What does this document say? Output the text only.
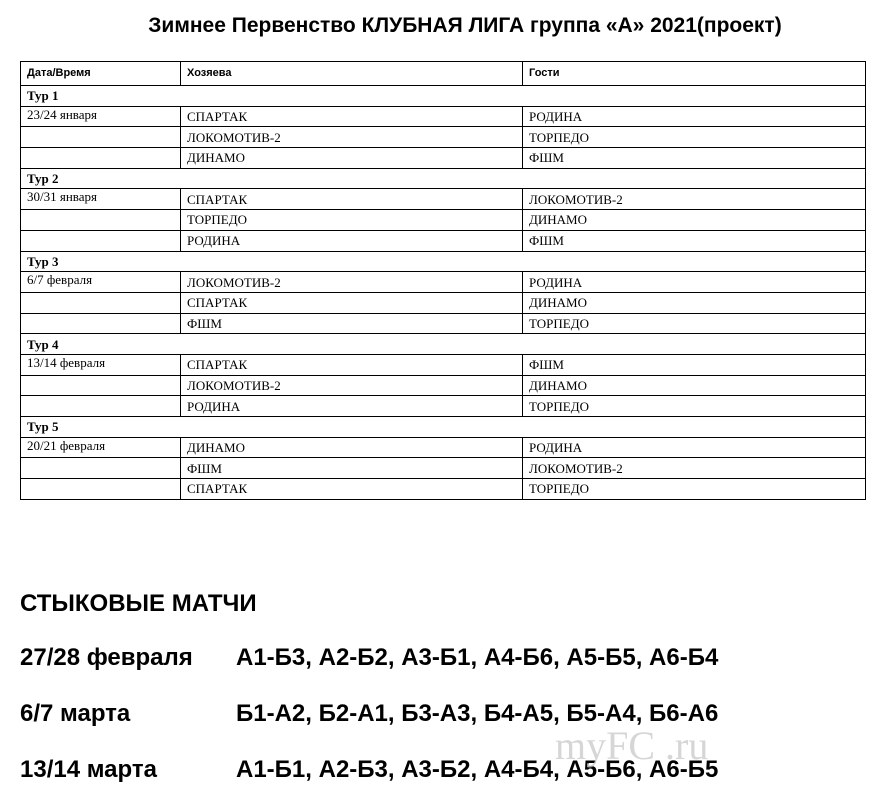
Зимнее Первенство КЛУБНАЯ ЛИГА группа «А» 2021(проект)
Дата/Время	Хозяева	Гости
Тур 1		
23/24 января	СПАРТАК	РОДИНА
	ЛОКОМОТИВ-2	ТОРПЕДО
	ДИНАМО	ФШМ
Тур 2		
30/31 января	СПАРТАК	ЛОКОМОТИВ-2
	ТОРПЕДО	ДИНАМО
	РОДИНА	ФШМ
Тур 3		
6/7 февраля	ЛОКОМОТИВ-2	РОДИНА
	СПАРТАК	ДИНАМО
	ФШМ	ТОРПЕДО
Тур 4		
13/14 февраля	СПАРТАК	ФШМ
	ЛОКОМОТИВ-2	ДИНАМО
	РОДИНА	ТОРПЕДО
Тур 5		
20/21 февраля	ДИНАМО	РОДИНА
	ФШМ	ЛОКОМОТИВ-2
	СПАРТАК	ТОРПЕДО
СТЫКОВЫЕ МАТЧИ
27/28 февраля А1-Б3, А2-Б2, А3-Б1, А4-Б6, А5-Б5, А6-Б4
6/7 марта	Б1-А2, Б2-А1, Б3-А3, Б4-А5, Б5-А4, Б6-А6
13/14 марта	А1-Б1, А2-Б3, А3-Б2, А4-Б4, А5-Б6, А6-Б5
myFC .ru
